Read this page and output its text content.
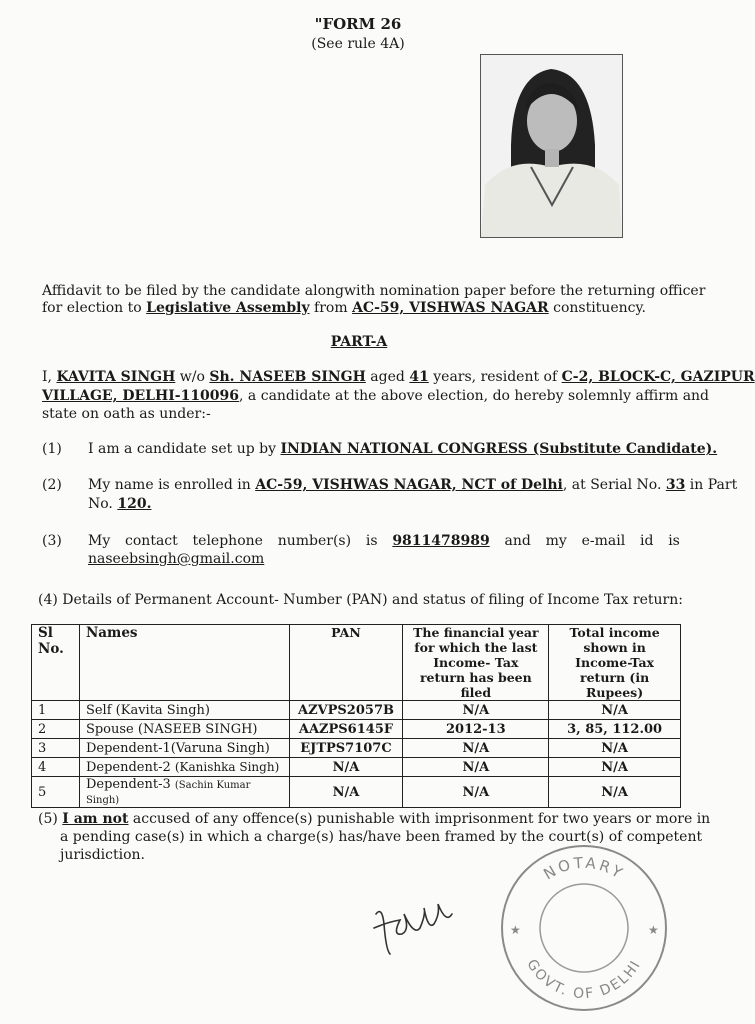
"FORM 26
(See rule 4A)
Affidavit to be filed by the candidate alongwith nomination paper before the returning officer
for election to Legislative Assembly from AC-59, VISHWAS NAGAR constituency.
PART-A
I, KAVITA SINGH w/o Sh. NASEEB SINGH aged 41 years, resident of C-2, BLOCK-C, GAZIPUR
VILLAGE, DELHI-110096, a candidate at the above election, do hereby solemnly affirm and
state on oath as under:-
(1) I am a candidate set up by INDIAN NATIONAL CONGRESS (Substitute Candidate).
(2) My name is enrolled in AC-59, VISHWAS NAGAR, NCT of Delhi, at Serial No. 33 in Part
No. 120.
(3) My contact telephone number(s) is 9811478989 and my e-mail id is
naseebsingh@gmail.com
(4) Details of Permanent Account- Number (PAN) and status of filing of Income Tax return:
Sl No.	Names	PAN	The financial year for which the last Income- Tax return has been filed	Total income shown in Income-Tax return (in Rupees)
1	Self (Kavita Singh)	AZVPS2057B	N/A	N/A
2	Spouse (NASEEB SINGH)	AAZPS6145F	2012-13	3, 85, 112.00
3	Dependent-1(Varuna Singh)	EJTPS7107C	N/A	N/A
4	Dependent-2 (Kanishka Singh)	N/A	N/A	N/A
5	Dependent-3 (Sachin Kumar Singh)	N/A	N/A	N/A
(5) I am not accused of any offence(s) punishable with imprisonment for two years or more in
a pending case(s) in which a charge(s) has/have been framed by the court(s) of competent
jurisdiction.
NOTARY
GOVT. OF DELHI
★	★
